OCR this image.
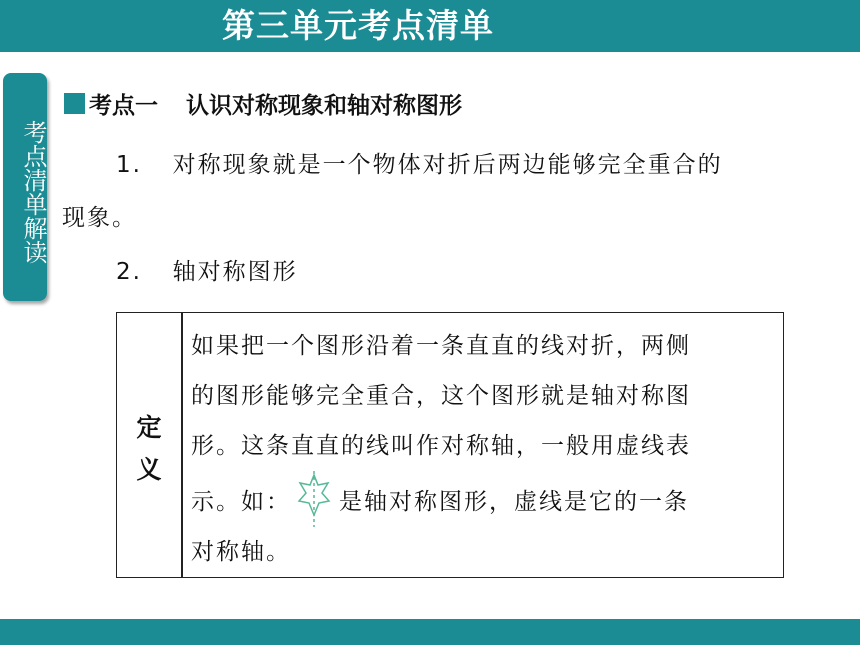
第三单元考点清单
考点清单解读
考点一 认识对称现象和轴对称图形
1. 对称现象就是一个物体对折后两边能够完全重合的
现象。
2. 轴对称图形
定
义
如果把一个图形沿着一条直直的线对折，两侧
的图形能够完全重合，这个图形就是轴对称图
形。这条直直的线叫作对称轴，一般用虚线表
示。如： 是轴对称图形，虚线是它的一条
对称轴。
